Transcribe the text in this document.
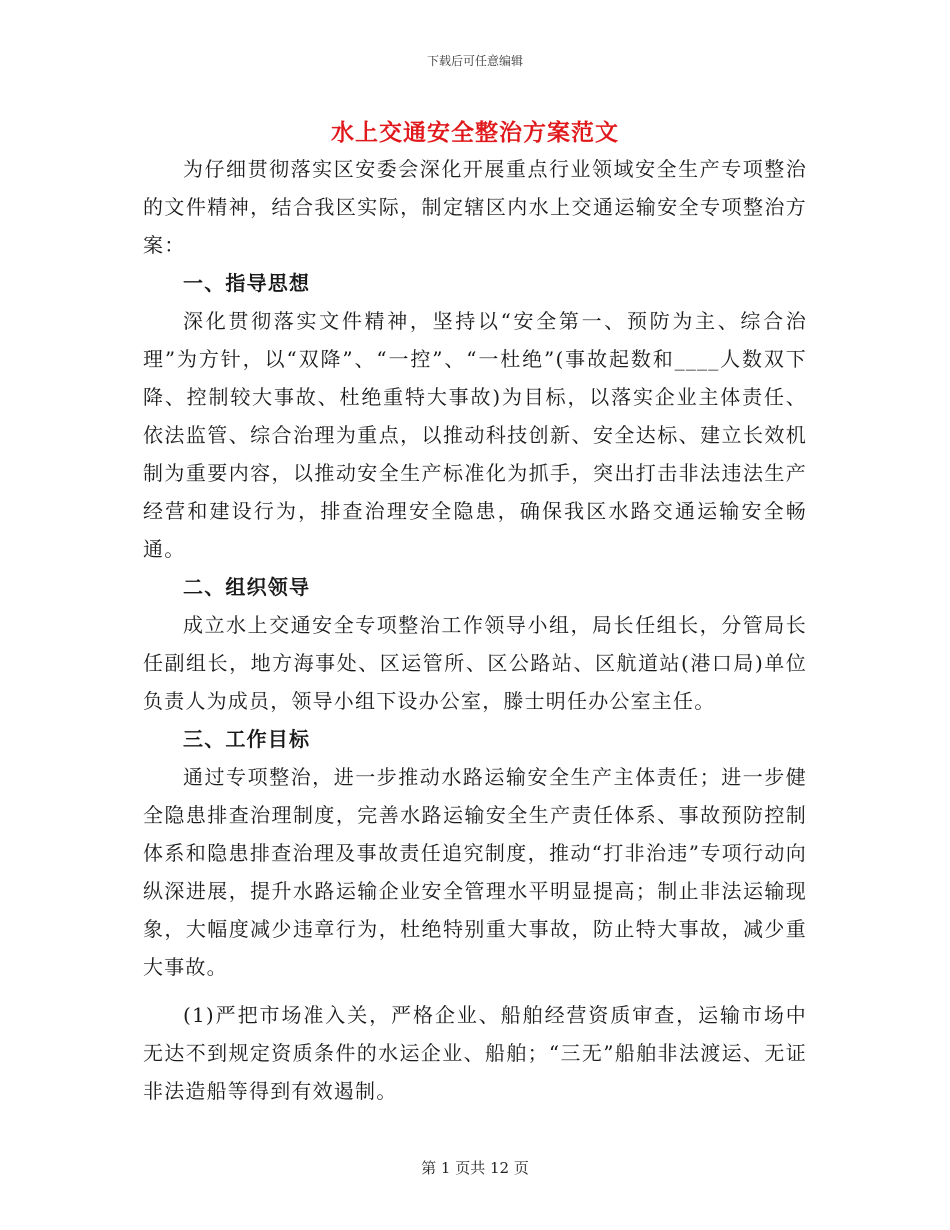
下载后可任意编辑
水上交通安全整治方案范文

为仔细贯彻落实区安委会深化开展重点行业领域安全生产专项整治的文件精神，结合我区实际，制定辖区内水上交通运输安全专项整治方案：

一、指导思想

深化贯彻落实文件精神，坚持以“安全第一、预防为主、综合治理”为方针，以“双降”、“一控”、“一杜绝”(事故起数和____人数双下降、控制较大事故、杜绝重特大事故)为目标，以落实企业主体责任、依法监管、综合治理为重点，以推动科技创新、安全达标、建立长效机制为重要内容，以推动安全生产标准化为抓手，突出打击非法违法生产经营和建设行为，排查治理安全隐患，确保我区水路交通运输安全畅通。

二、组织领导

成立水上交通安全专项整治工作领导小组，局长任组长，分管局长任副组长，地方海事处、区运管所、区公路站、区航道站(港口局)单位负责人为成员，领导小组下设办公室，滕士明任办公室主任。

三、工作目标

通过专项整治，进一步推动水路运输安全生产主体责任；进一步健全隐患排查治理制度，完善水路运输安全生产责任体系、事故预防控制体系和隐患排查治理及事故责任追究制度，推动“打非治违”专项行动向纵深进展，提升水路运输企业安全管理水平明显提高；制止非法运输现象，大幅度减少违章行为，杜绝特别重大事故，防止特大事故，减少重大事故。

(1)严把市场准入关，严格企业、船舶经营资质审查，运输市场中无达不到规定资质条件的水运企业、船舶；“三无”船舶非法渡运、无证非法造船等得到有效遏制。

第 1 页共 12 页
